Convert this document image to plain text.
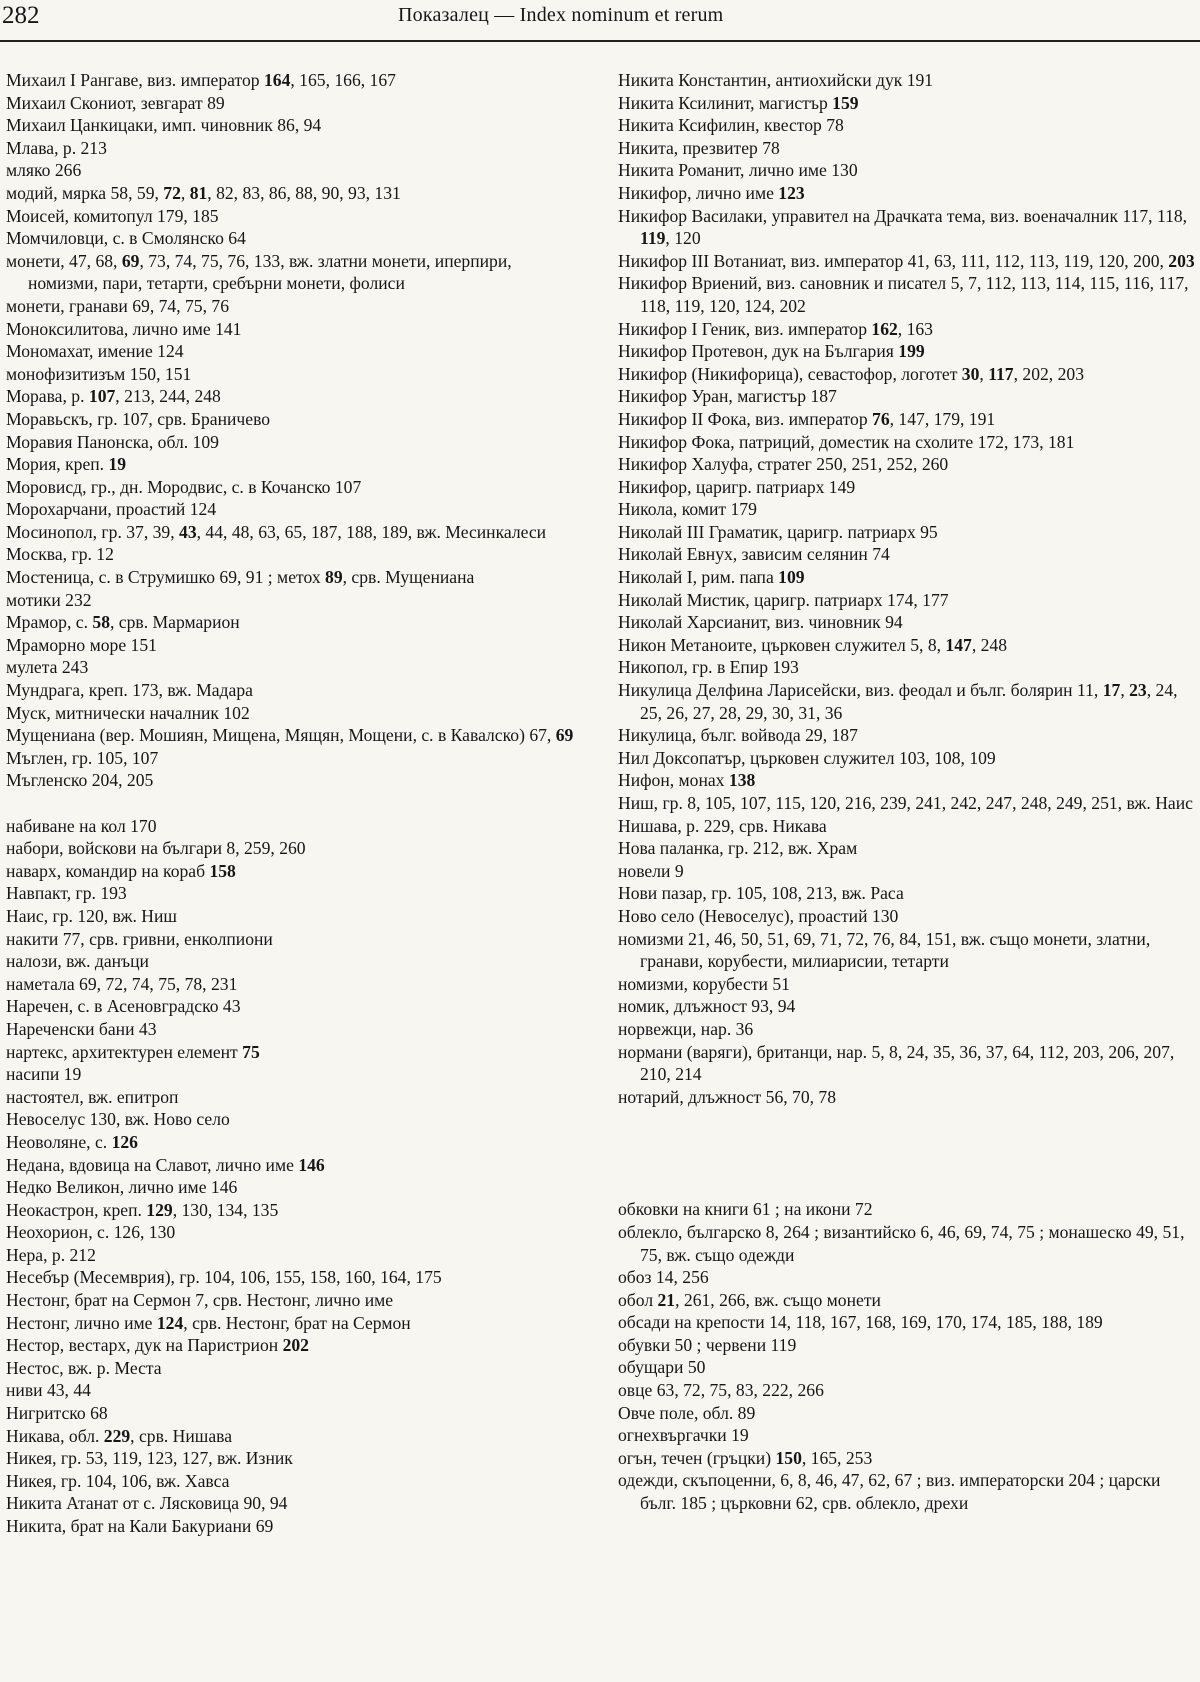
282	Показалец — Index nominum et rerum

Михаил I Рангаве, виз. император 164, 165, 166, 167

Михаил Скониот, зевгарат 89

Михаил Цанкицаки, имп. чиновник 86, 94

Млава, р. 213

мляко 266

модий, мярка 58, 59, 72, 81, 82, 83, 86, 88, 90, 93, 131

Моисей, комитопул 179, 185

Момчиловци, с. в Смолянско 64

монети, 47, 68, 69, 73, 74, 75, 76, 133, вж. златни монети, иперпири, номизми, пари, тетарти, сребърни монети, фолиси

монети, гранави 69, 74, 75, 76

Моноксилитова, лично име 141

Мономахат, имение 124

монофизитизъм 150, 151

Морава, р. 107, 213, 244, 248

Моравьскъ, гр. 107, срв. Браничево

Моравия Панонска, обл. 109

Мория, креп. 19

Моровисд, гр., дн. Мородвис, с. в Кочанско 107

Морохарчани, проастий 124

Мосинопол, гр. 37, 39, 43, 44, 48, 63, 65, 187, 188, 189, вж. Месинкалеси

Москва, гр. 12

Мостеница, с. в Струмишко 69, 91 ; метох 89, срв. Мущениана

мотики 232

Мрамор, с. 58, срв. Мармарион

Мраморно море 151

мулета 243

Мундрага, креп. 173, вж. Мадара

Муск, митнически началник 102

Мущениана (вер. Мошиян, Мищена, Мящян, Мощени, с. в Кавалско) 67, 69

Мъглен, гр. 105, 107

Мъгленско 204, 205

набиване на кол 170

набори, войскови на българи 8, 259, 260

наварх, командир на кораб 158

Навпакт, гр. 193

Наис, гр. 120, вж. Ниш

накити 77, срв. гривни, енколпиони

налози, вж. данъци

наметала 69, 72, 74, 75, 78, 231

Наречен, с. в Асеновградско 43

Нареченски бани 43

нартекс, архитектурен елемент 75

насипи 19

настоятел, вж. епитроп

Невоселус 130, вж. Ново село

Неоволяне, с. 126

Недана, вдовица на Славот, лично име 146

Недко Великон, лично име 146

Неокастрон, креп. 129, 130, 134, 135

Неохорион, с. 126, 130

Нера, р. 212

Несебър (Месемврия), гр. 104, 106, 155, 158, 160, 164, 175

Нестонг, брат на Сермон 7, срв. Нестонг, лично име

Нестонг, лично име 124, срв. Нестонг, брат на Сермон

Нестор, вестарх, дук на Паристрион 202

Нестос, вж. р. Места

ниви 43, 44

Нигритско 68

Никава, обл. 229, срв. Нишава

Никея, гр. 53, 119, 123, 127, вж. Изник

Никея, гр. 104, 106, вж. Хавса

Никита Атанат от с. Лясковица 90, 94

Никита, брат на Кали Бакуриани 69

Никита Константин, антиохийски дук 191

Никита Ксилинит, магистър 159

Никита Ксифилин, квестор 78

Никита, презвитер 78

Никита Романит, лично име 130

Никифор, лично име 123

Никифор Василаки, управител на Драчката тема, виз. военачалник 117, 118, 119, 120

Никифор III Вотаниат, виз. император 41, 63, 111, 112, 113, 119, 120, 200, 203

Никифор Вриений, виз. сановник и писател 5, 7, 112, 113, 114, 115, 116, 117, 118, 119, 120, 124, 202

Никифор I Геник, виз. император 162, 163

Никифор Протевон, дук на България 199

Никифор (Никифорица), севастофор, логотет 30, 117, 202, 203

Никифор Уран, магистър 187

Никифор II Фока, виз. император 76, 147, 179, 191

Никифор Фока, патриций, доместик на схолите 172, 173, 181

Никифор Халуфа, стратег 250, 251, 252, 260

Никифор, царигр. патриарх 149

Никола, комит 179

Николай III Граматик, царигр. патриарх 95

Николай Евнух, зависим селянин 74

Николай I, рим. папа 109

Николай Мистик, царигр. патриарх 174, 177

Николай Харсианит, виз. чиновник 94

Никон Метаноите, църковен служител 5, 8, 147, 248

Никопол, гр. в Епир 193

Никулица Делфина Ларисейски, виз. феодал и бълг. болярин 11, 17, 23, 24, 25, 26, 27, 28, 29, 30, 31, 36

Никулица, бълг. войвода 29, 187

Нил Доксопатър, църковен служител 103, 108, 109

Нифон, монах 138

Ниш, гр. 8, 105, 107, 115, 120, 216, 239, 241, 242, 247, 248, 249, 251, вж. Наис

Нишава, р. 229, срв. Никава

Нова паланка, гр. 212, вж. Храм

новели 9

Нови пазар, гр. 105, 108, 213, вж. Раса

Ново село (Невоселус), проастий 130

номизми 21, 46, 50, 51, 69, 71, 72, 76, 84, 151, вж. също монети, златни, гранави, корубести, милиарисии, тетарти

номизми, корубести 51

номик, длъжност 93, 94

норвежци, нар. 36

нормани (варяги), британци, нар. 5, 8, 24, 35, 36, 37, 64, 112, 203, 206, 207, 210, 214

нотарий, длъжност 56, 70, 78

обковки на книги 61 ; на икони 72

облекло, българско 8, 264 ; византийско 6, 46, 69, 74, 75 ; монашеско 49, 51, 75, вж. също одежди

обоз 14, 256

обол 21, 261, 266, вж. също монети

обсади на крепости 14, 118, 167, 168, 169, 170, 174, 185, 188, 189

обувки 50 ; червени 119

обущари 50

овце 63, 72, 75, 83, 222, 266

Овче поле, обл. 89

огнехвъргачки 19

огън, течен (гръцки) 150, 165, 253

одежди, скъпоценни, 6, 8, 46, 47, 62, 67 ; виз. императорски 204 ; царски бълг. 185 ; църковни 62, срв. облекло, дрехи
